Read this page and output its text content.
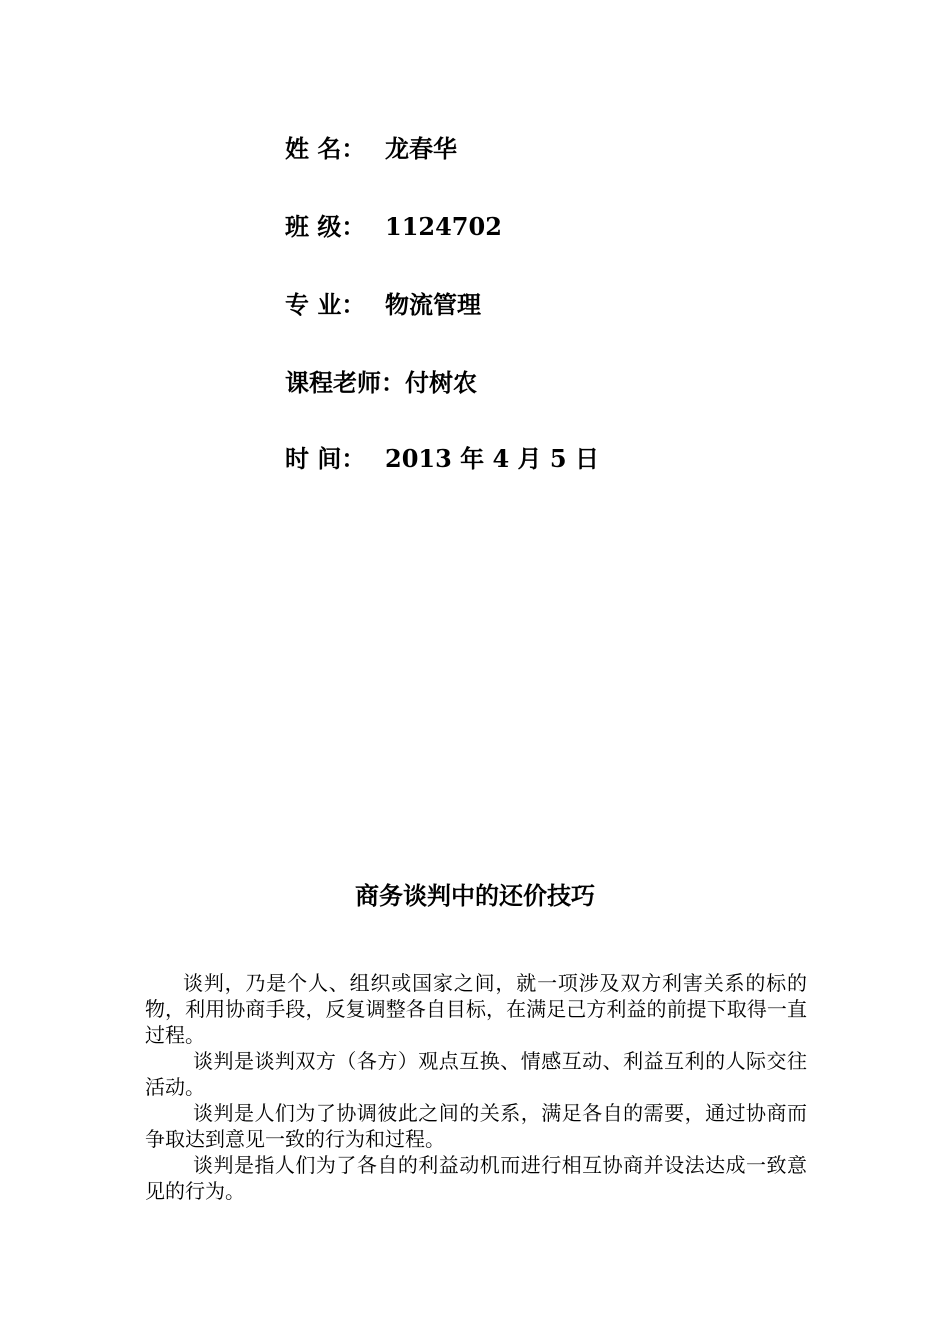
姓 名： 龙春华
班 级： 1124702
专 业： 物流管理
课程老师：付树农
时 间： 2013 年 4 月 5 日
商务谈判中的还价技巧

谈判，乃是个人、组织或国家之间，就一项涉及双方利害关系的标的物，利用协商手段，反复调整各自目标，在满足己方利益的前提下取得一直过程。

谈判是谈判双方（各方）观点互换、情感互动、利益互利的人际交往活动。

谈判是人们为了协调彼此之间的关系，满足各自的需要，通过协商而争取达到意见一致的行为和过程。

谈判是指人们为了各自的利益动机而进行相互协商并设法达成一致意见的行为。
